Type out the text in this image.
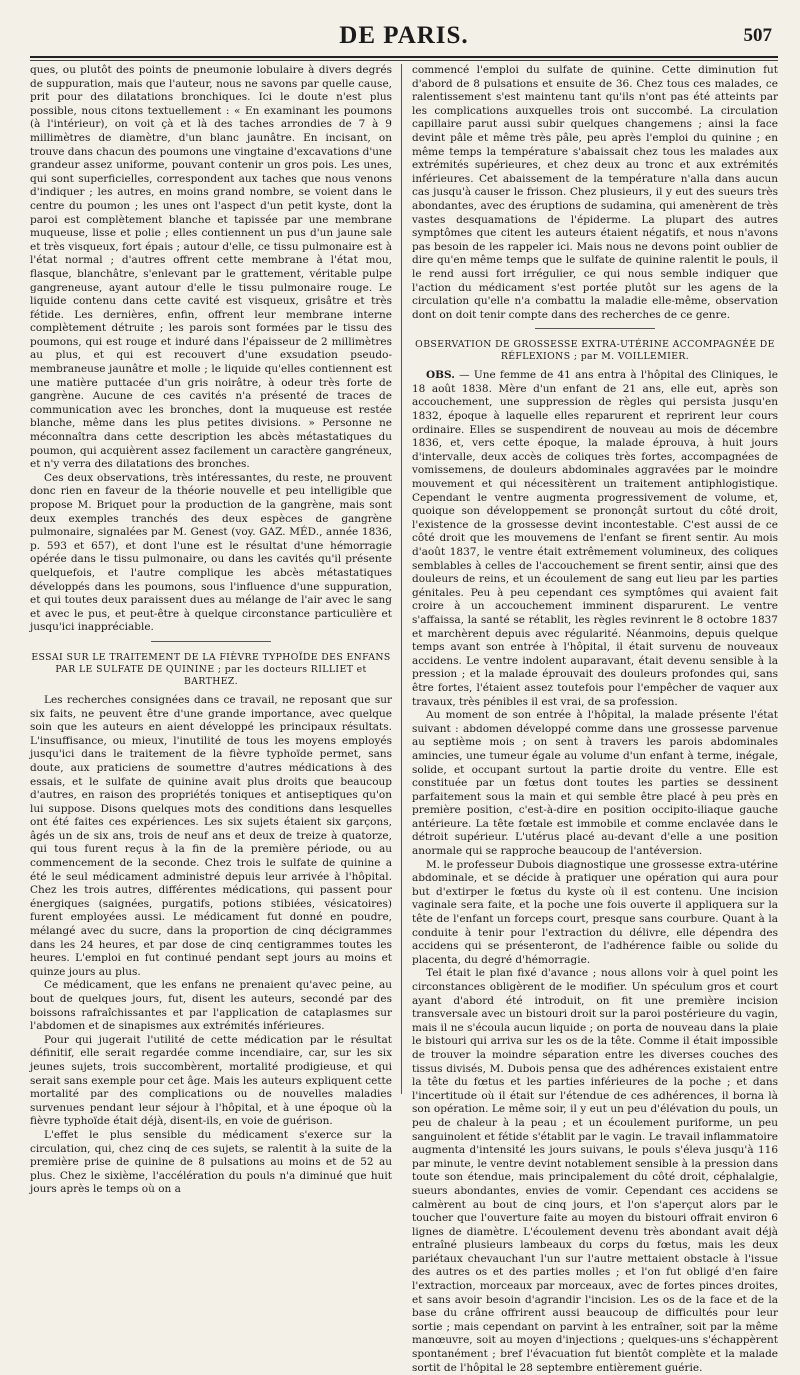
DE PARIS.	507

ques, ou plutôt des points de pneumonie lobulaire à divers degrés de suppuration, mais que l'auteur, nous ne savons par quelle cause, prit pour des dilatations bronchiques. Ici le doute n'est plus possible, nous citons textuellement : « En examinant les poumons (à l'intérieur), on voit çà et là des taches arrondies de 7 à 9 millimètres de diamètre, d'un blanc jaunâtre. En incisant, on trouve dans chacun des poumons une vingtaine d'excavations d'une grandeur assez uniforme, pouvant contenir un gros pois. Les unes, qui sont superficielles, correspondent aux taches que nous venons d'indiquer ; les autres, en moins grand nombre, se voient dans le centre du poumon ; les unes ont l'aspect d'un petit kyste, dont la paroi est complètement blanche et tapissée par une membrane muqueuse, lisse et polie ; elles contiennent un pus d'un jaune sale et très visqueux, fort épais ; autour d'elle, ce tissu pulmonaire est à l'état normal ; d'autres offrent cette membrane à l'état mou, flasque, blanchâtre, s'enlevant par le grattement, véritable pulpe gangreneuse, ayant autour d'elle le tissu pulmonaire rouge. Le liquide contenu dans cette cavité est visqueux, grisâtre et très fétide. Les dernières, enfin, offrent leur membrane interne complètement détruite ; les parois sont formées par le tissu des poumons, qui est rouge et induré dans l'épaisseur de 2 millimètres au plus, et qui est recouvert d'une exsudation pseudo-membraneuse jaunâtre et molle ; le liquide qu'elles contiennent est une matière puttacée d'un gris noirâtre, à odeur très forte de gangrène. Aucune de ces cavités n'a présenté de traces de communication avec les bronches, dont la muqueuse est restée blanche, même dans les plus petites divisions. » Personne ne méconnaîtra dans cette description les abcès métastatiques du poumon, qui acquièrent assez facilement un caractère gangréneux, et n'y verra des dilatations des bronches.

Ces deux observations, très intéressantes, du reste, ne prouvent donc rien en faveur de la théorie nouvelle et peu intelligible que propose M. Briquet pour la production de la gangrène, mais sont deux exemples tranchés des deux espèces de gangrène pulmonaire, signalées par M. Genest (voy. GAZ. MÉD., année 1836, p. 593 et 657), et dont l'une est le résultat d'une hémorragie opérée dans le tissu pulmonaire, ou dans les cavités qu'il présente quelquefois, et l'autre complique les abcès métastatiques développés dans les poumons, sous l'influence d'une suppuration, et qui toutes deux paraissent dues au mélange de l'air avec le sang et avec le pus, et peut-être à quelque circonstance particulière et jusqu'ici inappréciable.

ESSAI SUR LE TRAITEMENT DE LA FIÈVRE TYPHOÏDE DES ENFANS PAR LE SULFATE DE QUININE ; par les docteurs RILLIET et BARTHEZ.

Les recherches consignées dans ce travail, ne reposant que sur six faits, ne peuvent être d'une grande importance, avec quelque soin que les auteurs en aient développé les principaux résultats. L'insuffisance, ou mieux, l'inutilité de tous les moyens employés jusqu'ici dans le traitement de la fièvre typhoïde permet, sans doute, aux praticiens de soumettre d'autres médications à des essais, et le sulfate de quinine avait plus droits que beaucoup d'autres, en raison des propriétés toniques et antiseptiques qu'on lui suppose. Disons quelques mots des conditions dans lesquelles ont été faites ces expériences. Les six sujets étaient six garçons, âgés un de six ans, trois de neuf ans et deux de treize à quatorze, qui tous furent reçus à la fin de la première période, ou au commencement de la seconde. Chez trois le sulfate de quinine a été le seul médicament administré depuis leur arrivée à l'hôpital. Chez les trois autres, différentes médications, qui passent pour énergiques (saignées, purgatifs, potions stibiées, vésicatoires) furent employées aussi. Le médicament fut donné en poudre, mélangé avec du sucre, dans la proportion de cinq décigrammes dans les 24 heures, et par dose de cinq centigrammes toutes les heures. L'emploi en fut continué pendant sept jours au moins et quinze jours au plus.

Ce médicament, que les enfans ne prenaient qu'avec peine, au bout de quelques jours, fut, disent les auteurs, secondé par des boissons rafraîchissantes et par l'application de cataplasmes sur l'abdomen et de sinapismes aux extrémités inférieures.

Pour qui jugerait l'utilité de cette médication par le résultat définitif, elle serait regardée comme incendiaire, car, sur les six jeunes sujets, trois succombèrent, mortalité prodigieuse, et qui serait sans exemple pour cet âge. Mais les auteurs expliquent cette mortalité par des complications ou de nouvelles maladies survenues pendant leur séjour à l'hôpital, et à une époque où la fièvre typhoïde était déjà, disent-ils, en voie de guérison.

L'effet le plus sensible du médicament s'exerce sur la circulation, qui, chez cinq de ces sujets, se ralentit à la suite de la première prise de quinine de 8 pulsations au moins et de 52 au plus. Chez le sixième, l'accélération du pouls n'a diminué que huit jours après le temps où on a

commencé l'emploi du sulfate de quinine. Cette diminution fut d'abord de 8 pulsations et ensuite de 36. Chez tous ces malades, ce ralentissement s'est maintenu tant qu'ils n'ont pas été atteints par les complications auxquelles trois ont succombé. La circulation capillaire parut aussi subir quelques changemens ; ainsi la face devint pâle et même très pâle, peu après l'emploi du quinine ; en même temps la température s'abaissait chez tous les malades aux extrémités supérieures, et chez deux au tronc et aux extrémités inférieures. Cet abaissement de la température n'alla dans aucun cas jusqu'à causer le frisson. Chez plusieurs, il y eut des sueurs très abondantes, avec des éruptions de sudamina, qui amenèrent de très vastes desquamations de l'épiderme. La plupart des autres symptômes que citent les auteurs étaient négatifs, et nous n'avons pas besoin de les rappeler ici. Mais nous ne devons point oublier de dire qu'en même temps que le sulfate de quinine ralentit le pouls, il le rend aussi fort irrégulier, ce qui nous semble indiquer que l'action du médicament s'est portée plutôt sur les agens de la circulation qu'elle n'a combattu la maladie elle-même, observation dont on doit tenir compte dans des recherches de ce genre.

OBSERVATION DE GROSSESSE EXTRA-UTÉRINE ACCOMPAGNÉE DE RÉFLEXIONS ; par M. VOILLEMIER.

OBS. — Une femme de 41 ans entra à l'hôpital des Cliniques, le 18 août 1838. Mère d'un enfant de 21 ans, elle eut, après son accouchement, une suppression de règles qui persista jusqu'en 1832, époque à laquelle elles reparurent et reprirent leur cours ordinaire. Elles se suspendirent de nouveau au mois de décembre 1836, et, vers cette époque, la malade éprouva, à huit jours d'intervalle, deux accès de coliques très fortes, accompagnées de vomissemens, de douleurs abdominales aggravées par le moindre mouvement et qui nécessitèrent un traitement antiphlogistique. Cependant le ventre augmenta progressivement de volume, et, quoique son développement se prononçât surtout du côté droit, l'existence de la grossesse devint incontestable. C'est aussi de ce côté droit que les mouvemens de l'enfant se firent sentir. Au mois d'août 1837, le ventre était extrêmement volumineux, des coliques semblables à celles de l'accouchement se firent sentir, ainsi que des douleurs de reins, et un écoulement de sang eut lieu par les parties génitales. Peu à peu cependant ces symptômes qui avaient fait croire à un accouchement imminent disparurent. Le ventre s'affaissa, la santé se rétablit, les règles revinrent le 8 octobre 1837 et marchèrent depuis avec régularité. Néanmoins, depuis quelque temps avant son entrée à l'hôpital, il était survenu de nouveaux accidens. Le ventre indolent auparavant, était devenu sensible à la pression ; et la malade éprouvait des douleurs profondes qui, sans être fortes, l'étaient assez toutefois pour l'empêcher de vaquer aux travaux, très pénibles il est vrai, de sa profession.

Au moment de son entrée à l'hôpital, la malade présente l'état suivant : abdomen développé comme dans une grossesse parvenue au septième mois ; on sent à travers les parois abdominales amincies, une tumeur égale au volume d'un enfant à terme, inégale, solide, et occupant surtout la partie droite du ventre. Elle est constituée par un fœtus dont toutes les parties se dessinent parfaitement sous la main et qui semble être placé à peu près en première position, c'est-à-dire en position occipito-iliaque gauche antérieure. La tête fœtale est immobile et comme enclavée dans le détroit supérieur. L'utérus placé au-devant d'elle a une position anormale qui se rapproche beaucoup de l'antéversion.

M. le professeur Dubois diagnostique une grossesse extra-utérine abdominale, et se décide à pratiquer une opération qui aura pour but d'extirper le fœtus du kyste où il est contenu. Une incision vaginale sera faite, et la poche une fois ouverte il appliquera sur la tête de l'enfant un forceps court, presque sans courbure. Quant à la conduite à tenir pour l'extraction du délivre, elle dépendra des accidens qui se présenteront, de l'adhérence faible ou solide du placenta, du degré d'hémorragie.

Tel était le plan fixé d'avance ; nous allons voir à quel point les circonstances obligèrent de le modifier. Un spéculum gros et court ayant d'abord été introduit, on fit une première incision transversale avec un bistouri droit sur la paroi postérieure du vagin, mais il ne s'écoula aucun liquide ; on porta de nouveau dans la plaie le bistouri qui arriva sur les os de la tête. Comme il était impossible de trouver la moindre séparation entre les diverses couches des tissus divisés, M. Dubois pensa que des adhérences existaient entre la tête du fœtus et les parties inférieures de la poche ; et dans l'incertitude où il était sur l'étendue de ces adhérences, il borna là son opération. Le même soir, il y eut un peu d'élévation du pouls, un peu de chaleur à la peau ; et un écoulement puriforme, un peu sanguinolent et fétide s'établit par le vagin. Le travail inflammatoire augmenta d'intensité les jours suivans, le pouls s'éleva jusqu'à 116 par minute, le ventre devint notablement sensible à la pression dans toute son étendue, mais principalement du côté droit, céphalalgie, sueurs abondantes, envies de vomir. Cependant ces accidens se calmèrent au bout de cinq jours, et l'on s'aperçut alors par le toucher que l'ouverture faite au moyen du bistouri offrait environ 6 lignes de diamètre. L'écoulement devenu très abondant avait déjà entraîné plusieurs lambeaux du corps du fœtus, mais les deux pariétaux chevauchant l'un sur l'autre mettaient obstacle à l'issue des autres os et des parties molles ; et l'on fut obligé d'en faire l'extraction, morceaux par morceaux, avec de fortes pinces droites, et sans avoir besoin d'agrandir l'incision. Les os de la face et de la base du crâne offrirent aussi beaucoup de difficultés pour leur sortie ; mais cependant on parvint à les entraîner, soit par la même manœuvre, soit au moyen d'injections ; quelques-uns s'échappèrent spontanément ; bref l'évacuation fut bientôt complète et la malade sortit de l'hôpital le 28 septembre entièrement guérie.
